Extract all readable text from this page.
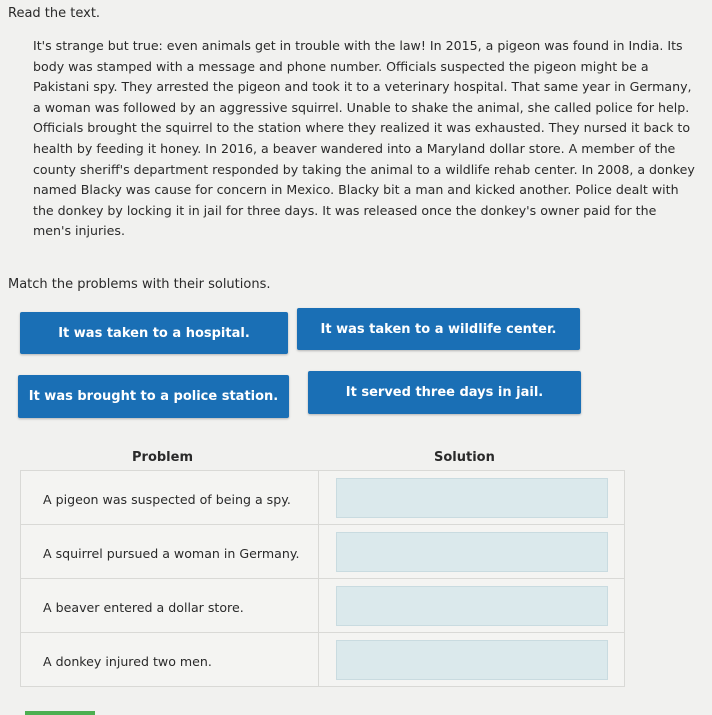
Read the text.

It's strange but true: even animals get in trouble with the law! In 2015, a pigeon was found in India. Its body was stamped with a message and phone number. Officials suspected the pigeon might be a Pakistani spy. They arrested the pigeon and took it to a veterinary hospital. That same year in Germany, a woman was followed by an aggressive squirrel. Unable to shake the animal, she called police for help. Officials brought the squirrel to the station where they realized it was exhausted. They nursed it back to health by feeding it honey. In 2016, a beaver wandered into a Maryland dollar store. A member of the county sheriff's department responded by taking the animal to a wildlife rehab center. In 2008, a donkey named Blacky was cause for concern in Mexico. Blacky bit a man and kicked another. Police dealt with the donkey by locking it in jail for three days. It was released once the donkey's owner paid for the men's injuries.

Match the problems with their solutions.
It was taken to a hospital.	It was taken to a wildlife center.
It was brought to a police station.	It served three days in jail.
Problem	Solution
A pigeon was suspected of being a spy.
A squirrel pursued a woman in Germany.
A beaver entered a dollar store.
A donkey injured two men.
